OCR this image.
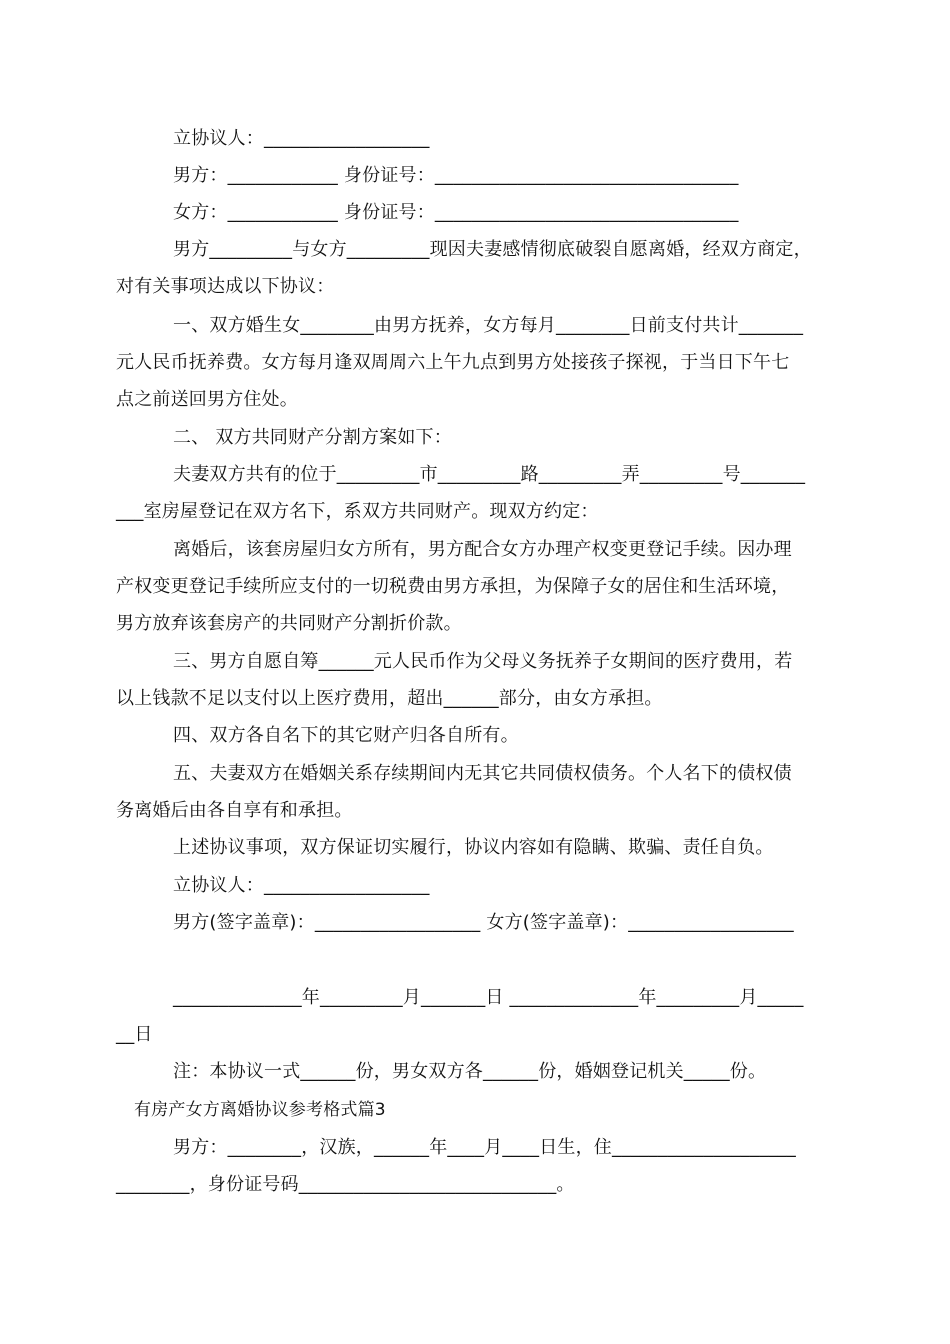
立协议人：__________________
男方：____________ 身份证号：_________________________________
女方：____________ 身份证号：_________________________________
男方_________与女方_________现因夫妻感情彻底破裂自愿离婚，经双方商定，
对有关事项达成以下协议：
一、双方婚生女________由男方抚养，女方每月________日前支付共计_______
元人民币抚养费。女方每月逢双周周六上午九点到男方处接孩子探视，于当日下午七
点之前送回男方住处。
二、 双方共同财产分割方案如下：
夫妻双方共有的位于_________市_________路_________弄_________号_______
___室房屋登记在双方名下，系双方共同财产。现双方约定：
离婚后，该套房屋归女方所有，男方配合女方办理产权变更登记手续。因办理
产权变更登记手续所应支付的一切税费由男方承担，为保障子女的居住和生活环境，
男方放弃该套房产的共同财产分割折价款。
三、男方自愿自筹______元人民币作为父母义务抚养子女期间的医疗费用，若
以上钱款不足以支付以上医疗费用，超出______部分，由女方承担。
四、双方各自名下的其它财产归各自所有。
五、夫妻双方在婚姻关系存续期间内无其它共同债权债务。个人名下的债权债
务离婚后由各自享有和承担。
上述协议事项，双方保证切实履行，协议内容如有隐瞒、欺骗、责任自负。
立协议人：__________________
男方(签字盖章)：__________________ 女方(签字盖章)：__________________
______________年_________月_______日 ______________年_________月_____
__日
注：本协议一式______份，男女双方各______份，婚姻登记机关_____份。
有房产女方离婚协议参考格式篇3
男方：________，汉族，______年____月____日生，住____________________
________，身份证号码____________________________。
